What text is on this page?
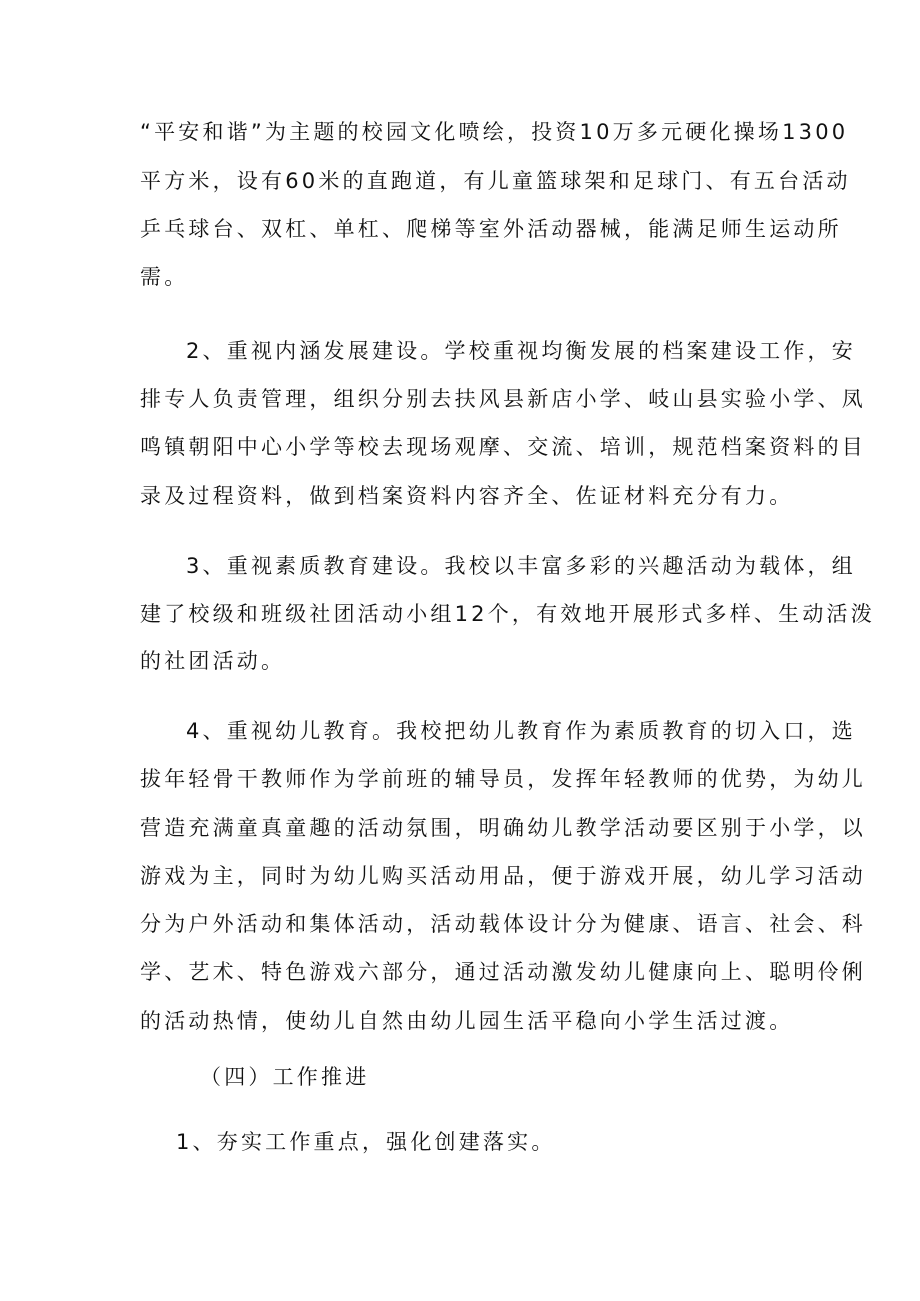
“平安和谐”为主题的校园文化喷绘，投资10万多元硬化操场1300

平方米，设有60米的直跑道，有儿童篮球架和足球门、有五台活动

乒乓球台、双杠、单杠、爬梯等室外活动器械，能满足师生运动所

需。

2、重视内涵发展建设。学校重视均衡发展的档案建设工作，安

排专人负责管理，组织分别去扶风县新店小学、岐山县实验小学、凤

鸣镇朝阳中心小学等校去现场观摩、交流、培训，规范档案资料的目

录及过程资料，做到档案资料内容齐全、佐证材料充分有力。

3、重视素质教育建设。我校以丰富多彩的兴趣活动为载体，组

建了校级和班级社团活动小组12个，有效地开展形式多样、生动活泼

的社团活动。

4、重视幼儿教育。我校把幼儿教育作为素质教育的切入口，选

拔年轻骨干教师作为学前班的辅导员，发挥年轻教师的优势，为幼儿

营造充满童真童趣的活动氛围，明确幼儿教学活动要区别于小学，以

游戏为主，同时为幼儿购买活动用品，便于游戏开展，幼儿学习活动

分为户外活动和集体活动，活动载体设计分为健康、语言、社会、科

学、艺术、特色游戏六部分，通过活动激发幼儿健康向上、聪明伶俐

的活动热情，使幼儿自然由幼儿园生活平稳向小学生活过渡。

（四）工作推进

1、夯实工作重点，强化创建落实。
